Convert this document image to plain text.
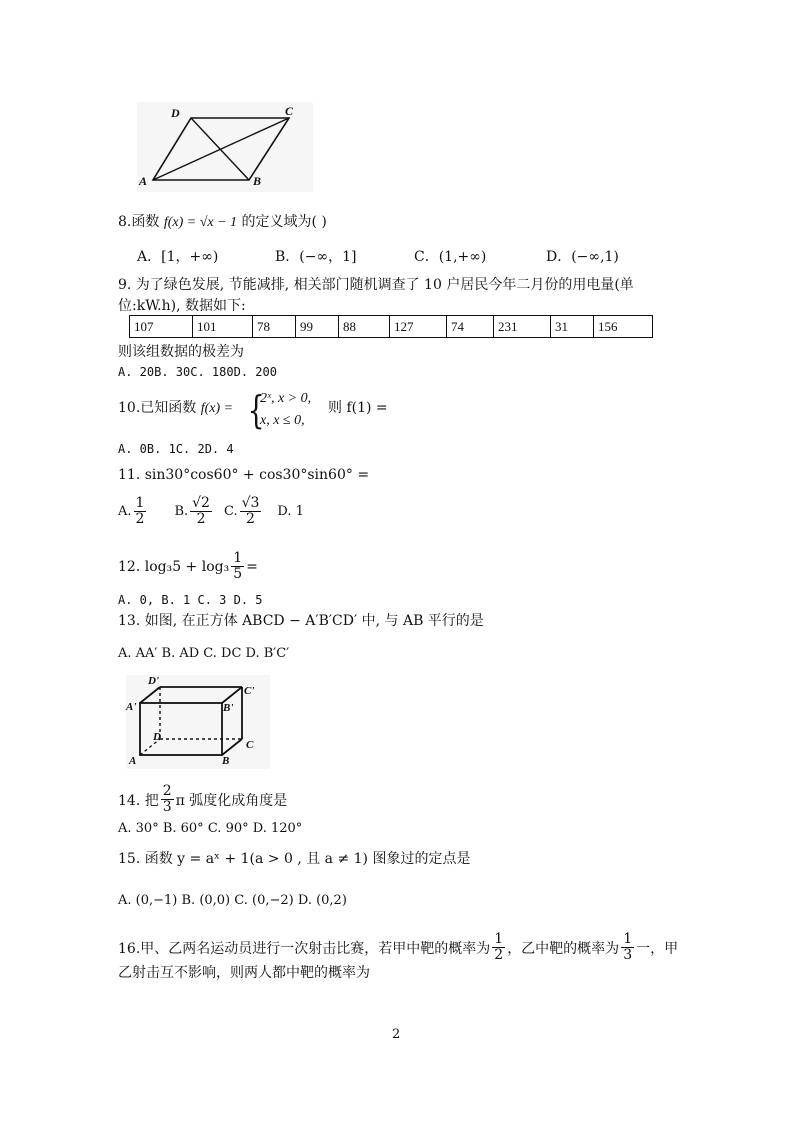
D	C
A	B
8.函数 f(x) = √x − 1 的定义域为( )
A．[1，+∞)	B．(−∞，1]	C．(1,+∞)	D．(−∞,1)
9. 为了绿色发展, 节能减排, 相关部门随机调查了 10 户居民今年二月份的用电量(单
位:kW.h), 数据如下:
107	101	78	99	88	127	74	231	31	156
则该组数据的极差为
A. 20B. 30C. 180D. 200
10.已知函数 f(x) = {
2ˣ, x > 0,
x, x ≤ 0,
则 f(1) =
A. 0B. 1C. 2D. 4
11. sin30°cos60° + cos30°sin60° =
A. $\frac{1}{2} B$. $\frac{√2}{2} C$. $\frac{√3}{2} D$. 1
12. $\log_35 + \log_3 \frac{1}{5}$ =
A. 0, B. 1 C. 3 D. 5
13. 如图, 在正方体 ABCD − A′B′CD′ 中, 与 AB 平行的是
A. AA′ B. AD C. DC D. B′C′
D'
C'
A'	B'
D
C
A	B
14. 把 $\frac{2}{3}$ π 弧度化成角度是
A. 30° B. 60° C. 90° D. 120°
15. 函数 y = aˣ + 1(a > 0 , 且 a ≠ 1) 图象过的定点是
A. (0,−1) B. (0,0) C. (0,−2) D. (0,2)
16.甲、乙两名运动员进行一次射击比赛，若甲中靶的概率为 $\frac{1}{2}$ ，乙中靶的概率为 $\frac{1}{3}$ 一，甲
乙射击互不影响，则两人都中靶的概率为
2
